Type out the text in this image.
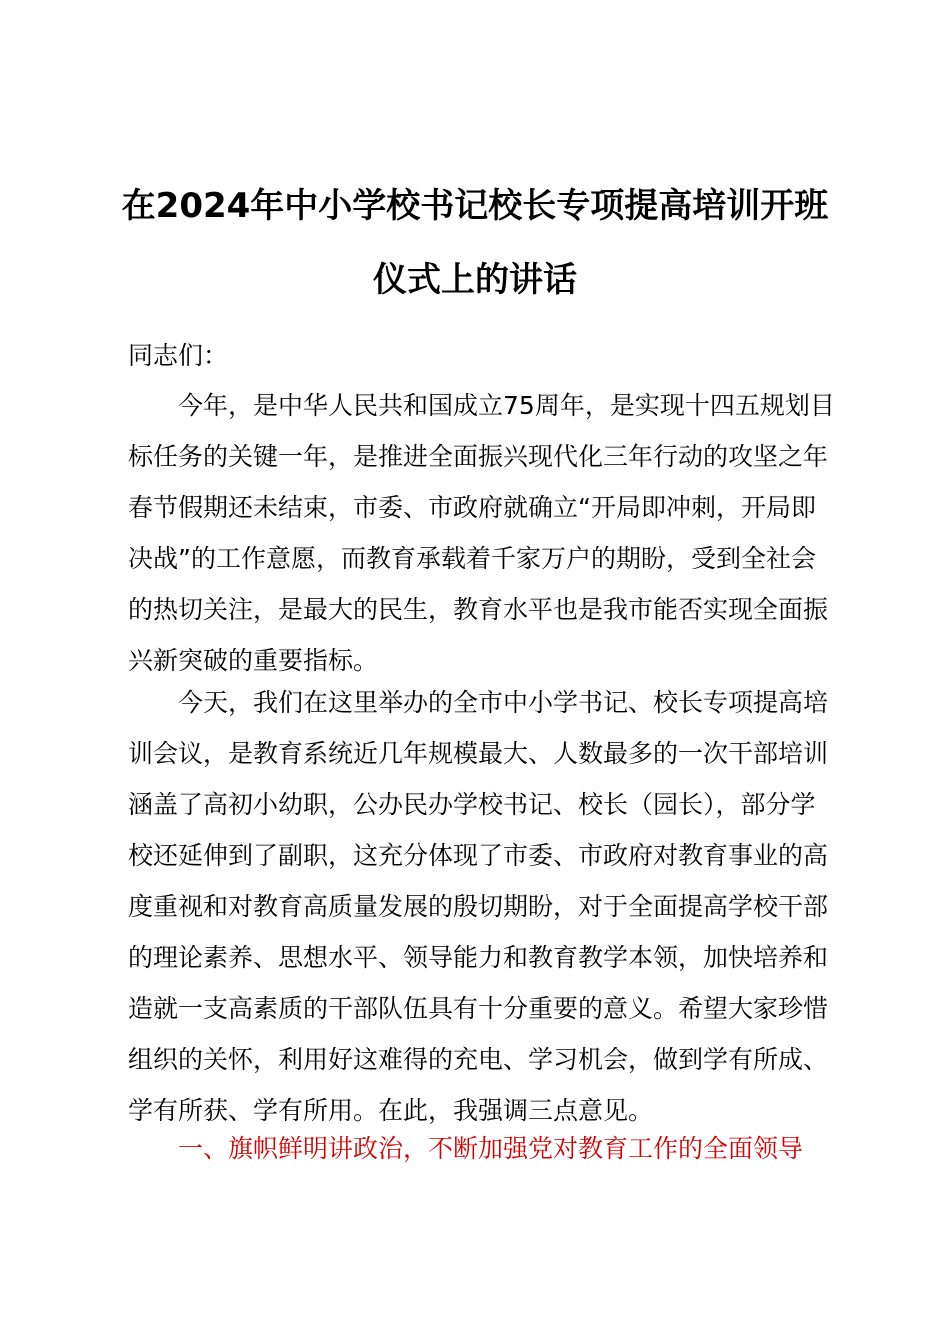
在2024年中小学校书记校长专项提高培训开班
仪式上的讲话

同志们：

今年，是中华人民共和国成立75周年，是实现十四五规划目
标任务的关键一年，是推进全面振兴现代化三年行动的攻坚之年
春节假期还未结束，市委、市政府就确立“开局即冲刺，开局即
决战”的工作意愿，而教育承载着千家万户的期盼，受到全社会
的热切关注，是最大的民生，教育水平也是我市能否实现全面振
兴新突破的重要指标。
今天，我们在这里举办的全市中小学书记、校长专项提高培
训会议，是教育系统近几年规模最大、人数最多的一次干部培训
涵盖了高初小幼职，公办民办学校书记、校长（园长），部分学
校还延伸到了副职，这充分体现了市委、市政府对教育事业的高
度重视和对教育高质量发展的殷切期盼，对于全面提高学校干部
的理论素养、思想水平、领导能力和教育教学本领，加快培养和
造就一支高素质的干部队伍具有十分重要的意义。希望大家珍惜
组织的关怀，利用好这难得的充电、学习机会，做到学有所成、
学有所获、学有所用。在此，我强调三点意见。

一、旗帜鲜明讲政治，不断加强党对教育工作的全面领导
